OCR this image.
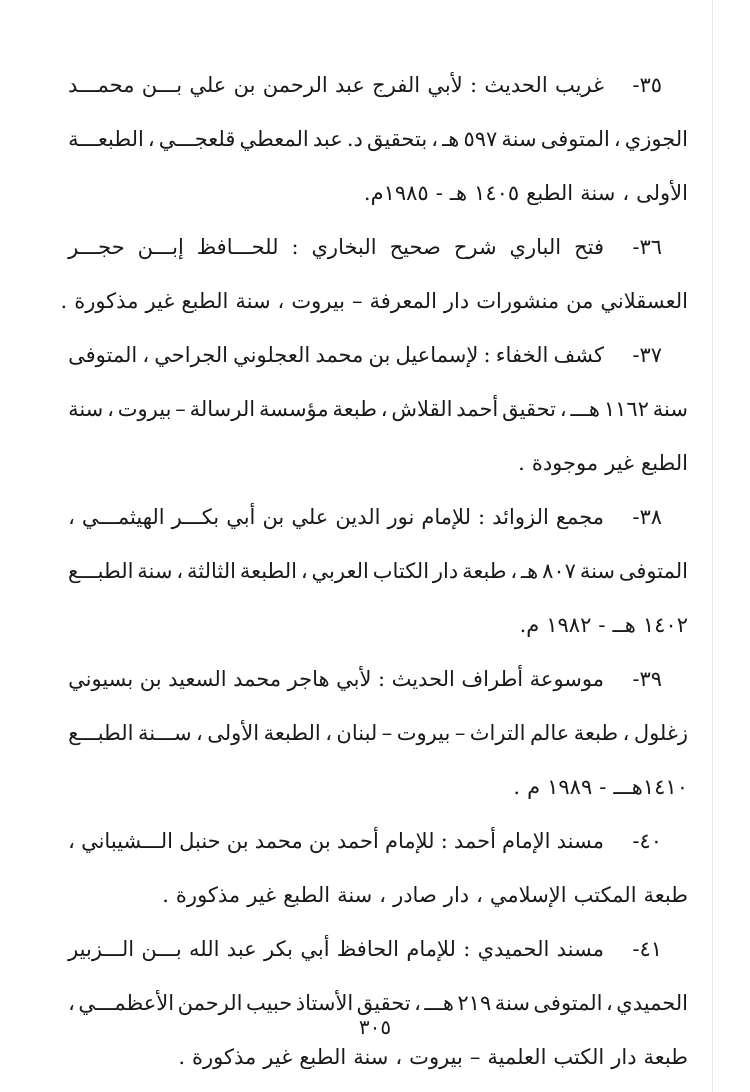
٣٥-
غريب
الحديث
:
لأبي
الفرج
عبد
الرحمن
بن
علي
بـــن
محمـــد
الجوزي
،
المتوفى
سنة
٥٩٧
هـ
،
بتحقيق
د.
عبد
المعطي
قلعجـــي
،
الطبعـــة
الأولى
،
سنة
الطبع
١٤٠٥
هـ
-
١٩٨٥م.
٣٦-
فتح
الباري
شرح
صحيح
البخاري
:
للحـــافظ
إبـــن
حجـــر
العسقلاني
من
منشورات
دار
المعرفة
–
بيروت
،
سنة
الطبع
غير
مذكورة
.
٣٧-
كشف
الخفاء
:
لإسماعيل
بن
محمد
العجلوني
الجراحي
،
المتوفى
سنة
١١٦٢
هـــ
،
تحقيق
أحمد
القلاش
،
طبعة
مؤسسة
الرسالة
–
بيروت
،
سنة
الطبع
غير
موجودة
.
٣٨-
مجمع
الزوائد
:
للإمام
نور
الدين
علي
بن
أبي
بكـــر
الهيثمـــي
،
المتوفى
سنة
٨٠٧
هـ
،
طبعة
دار
الكتاب
العربي
،
الطبعة
الثالثة
،
سنة
الطبـــع
١٤٠٢
هــ
-
١٩٨٢
م.
٣٩-
موسوعة
أطراف
الحديث
:
لأبي
هاجر
محمد
السعيد
بن
بسيوني
زغلول
،
طبعة
عالم
التراث
–
بيروت
–
لبنان
،
الطبعة
الأولى
،
ســـنة
الطبـــع
١٤١٠هـــ
-
١٩٨٩
م
.
٤٠-
مسند
الإمام
أحمد
:
للإمام
أحمد
بن
محمد
بن
حنبل
الـــشيباني
،
طبعة
المكتب
الإسلامي
،
دار
صادر
،
سنة
الطبع
غير
مذكورة
.
٤١-
مسند
الحميدي
:
للإمام
الحافظ
أبي
بكر
عبد
الله
بـــن
الـــزبير
الحميدي
،
المتوفى
سنة
٢١٩
هـــ
،
تحقيق
الأستاذ
حبيب
الرحمن
الأعظمـــي
،
طبعة
دار
الكتب
العلمية
–
بيروت
،
سنة
الطبع
غير
مذكورة
.
٣٠٥
